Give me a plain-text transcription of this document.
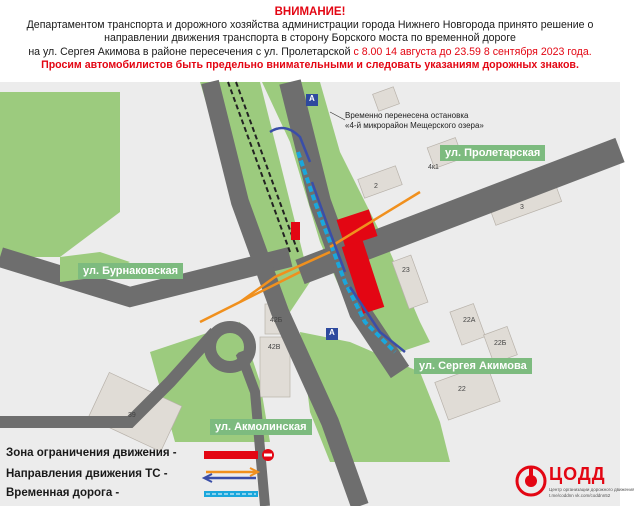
ВНИМАНИЕ!
Департаментом транспорта и дорожного хозяйства администрации города Нижнего Новгорода принято решение о
направлении движения транспорта в сторону Борского моста по временной дороге
на ул. Сергея Акимова в районе пересечения с ул. Пролетарской с 8.00 14 августа до 23.59 8 сентября 2023 года.
Просим автомобилистов быть предельно внимательными и следовать указаниям дорожных знаков.
Временно перенесена остановка
«4-й микрорайон Мещерского озера»
ул. Пролетарская
ул. Бурнаковская
ул. Сергея Акимова
ул. Акмолинская
4к1
2
3
23
22А
22Б
22
42Б
42В
39
А
А
Зона ограничения движения -
Направления движения ТС -
Временная дорога -
ЦОДД
Центр организации дорожного движения
t.me/coddnn vk.com/coddnn52
